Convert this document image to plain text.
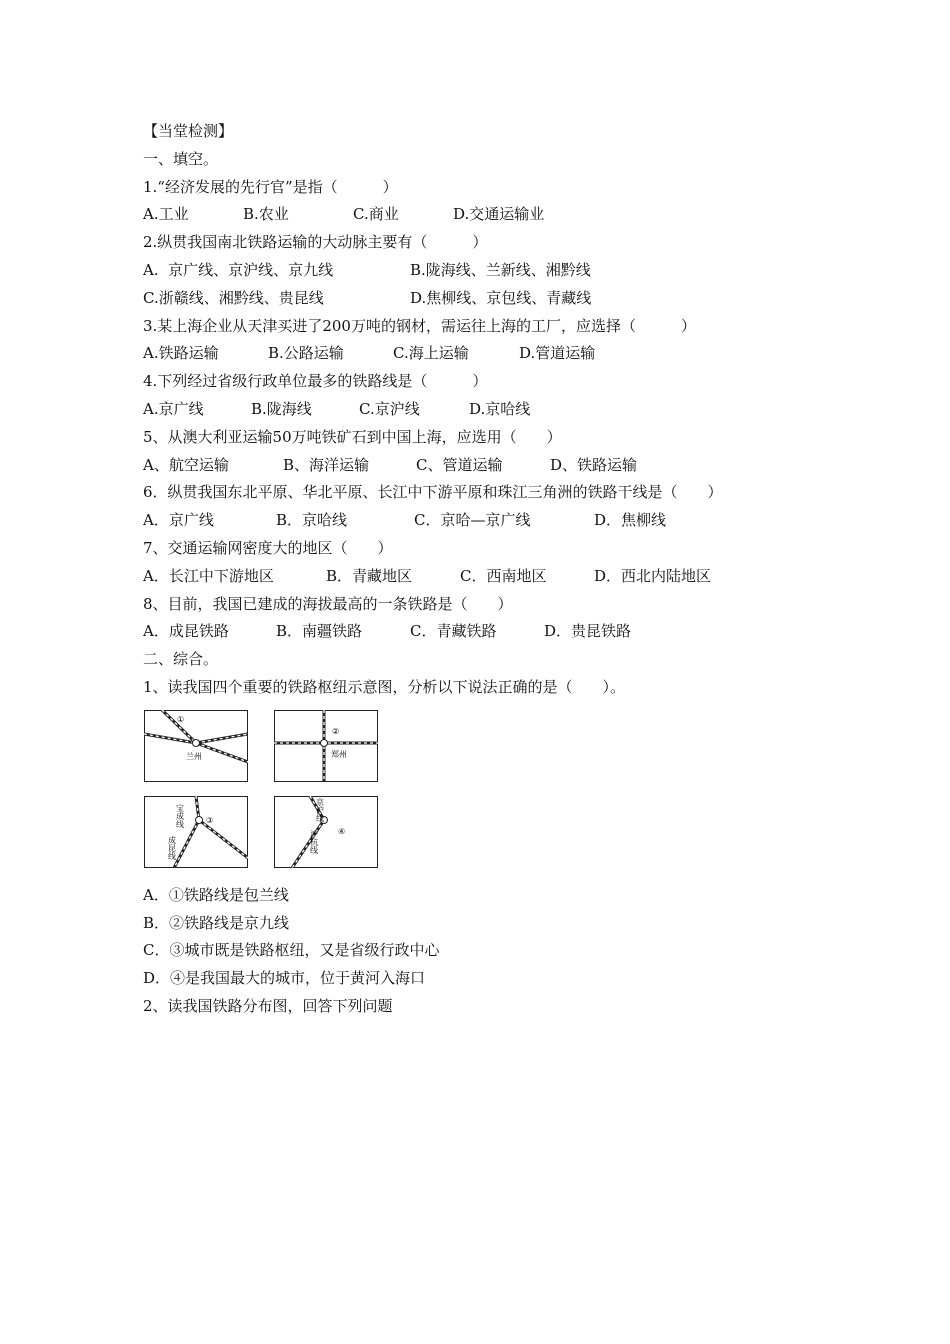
【当堂检测】
一、填空。
1.“经济发展的先行官”是指（　　　）
A.工业	B.农业	C.商业	D.交通运输业
2.纵贯我国南北铁路运输的大动脉主要有（　　　）
A.  京广线、京沪线、京九线	B.陇海线、兰新线、湘黔线
C.浙赣线、湘黔线、贵昆线	D.焦柳线、京包线、青藏线
3.某上海企业从天津买进了200万吨的钢材，需运往上海的工厂，应选择（　　　）
A.铁路运输	B.公路运输	C.海上运输	D.管道运输
4.下列经过省级行政单位最多的铁路线是（　　　）
A.京广线	B.陇海线	C.京沪线	D.京哈线
5、从澳大利亚运输50万吨铁矿石到中国上海，应选用（　　）
A、航空运输	B、海洋运输	C、管道运输	D、铁路运输
6．纵贯我国东北平原、华北平原、长江中下游平原和珠江三角洲的铁路干线是（　　）
A．京广线	B．京哈线	C．京哈—京广线	D．焦柳线
7、交通运输网密度大的地区（　　）
A．长江中下游地区	B．青藏地区	C．西南地区	D．西北内陆地区
8、目前，我国已建成的海拔最高的一条铁路是（　　）
A．成昆铁路	B．南疆铁路	C．青藏铁路	D．贵昆铁路
二、综合。
1、读我国四个重要的铁路枢纽示意图，分析以下说法正确的是（　　）。
①
兰州
②
郑州
③
宝成线
成昆线
④
京沪线
沪杭线
A．①铁路线是包兰线
B．②铁路线是京九线
C．③城市既是铁路枢纽，又是省级行政中心
D．④是我国最大的城市，位于黄河入海口
2、读我国铁路分布图，回答下列问题
